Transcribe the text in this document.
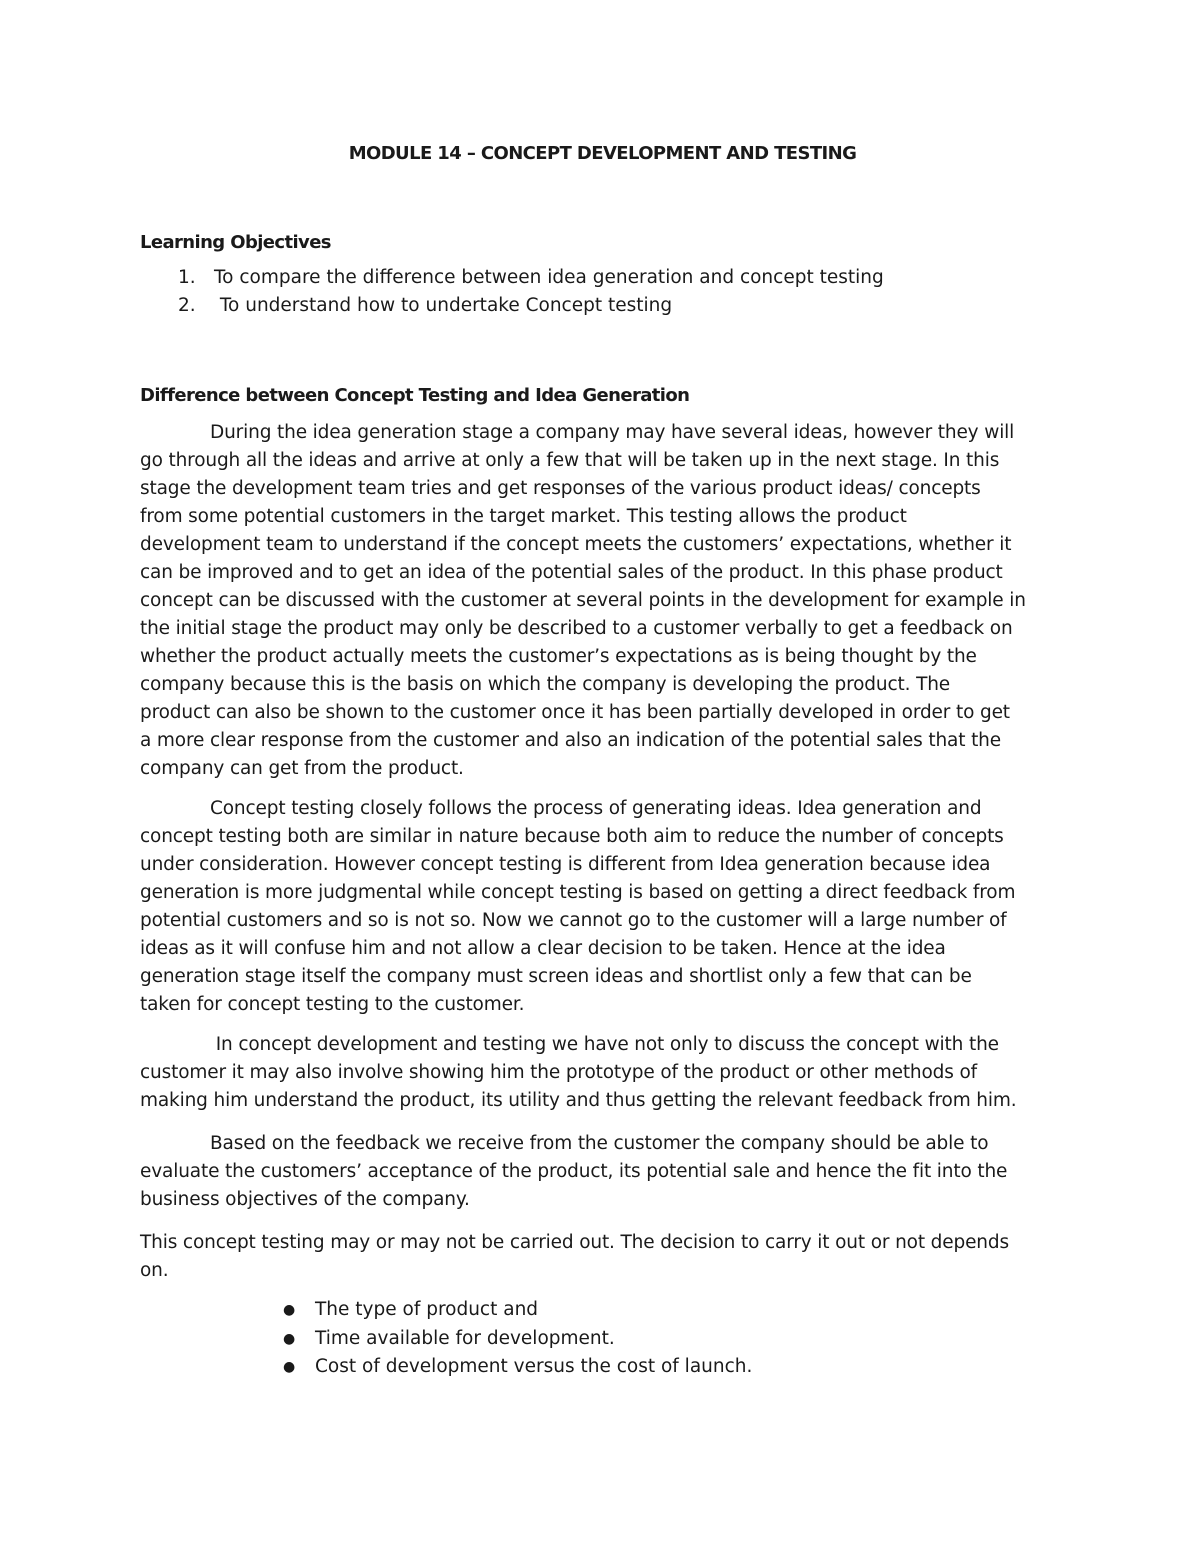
MODULE 14 – CONCEPT DEVELOPMENT AND TESTING
Learning Objectives
1. To compare the difference between idea generation and concept testing
2. To understand how to undertake Concept testing
Difference between Concept Testing and Idea Generation

During the idea generation stage a company may have several ideas, however they will
go through all the ideas and arrive at only a few that will be taken up in the next stage. In this
stage the development team tries and get responses of the various product ideas/ concepts
from some potential customers in the target market. This testing allows the product
development team to understand if the concept meets the customers’ expectations, whether it
can be improved and to get an idea of the potential sales of the product. In this phase product
concept can be discussed with the customer at several points in the development for example in
the initial stage the product may only be described to a customer verbally to get a feedback on
whether the product actually meets the customer’s expectations as is being thought by the
company because this is the basis on which the company is developing the product. The
product can also be shown to the customer once it has been partially developed in order to get
a more clear response from the customer and also an indication of the potential sales that the
company can get from the product.

Concept testing closely follows the process of generating ideas. Idea generation and
concept testing both are similar in nature because both aim to reduce the number of concepts
under consideration. However concept testing is different from Idea generation because idea
generation is more judgmental while concept testing is based on getting a direct feedback from
potential customers and so is not so. Now we cannot go to the customer will a large number of
ideas as it will confuse him and not allow a clear decision to be taken. Hence at the idea
generation stage itself the company must screen ideas and shortlist only a few that can be
taken for concept testing to the customer.

In concept development and testing we have not only to discuss the concept with the
customer it may also involve showing him the prototype of the product or other methods of
making him understand the product, its utility and thus getting the relevant feedback from him.

Based on the feedback we receive from the customer the company should be able to
evaluate the customers’ acceptance of the product, its potential sale and hence the fit into the
business objectives of the company.

This concept testing may or may not be carried out. The decision to carry it out or not depends
on.

●	The type of product and
●	Time available for development.
●	Cost of development versus the cost of launch.
